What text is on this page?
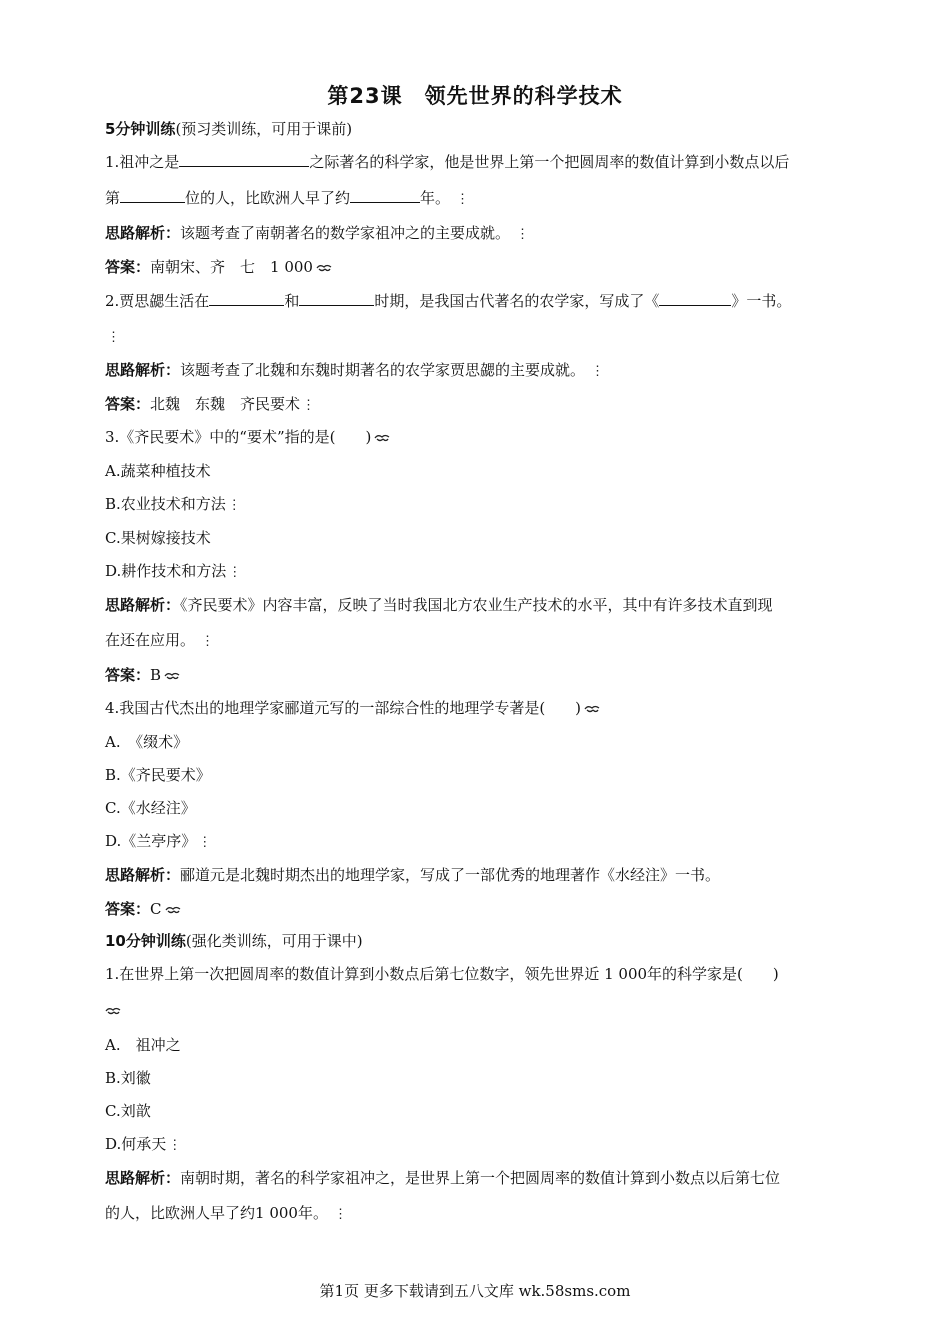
第23课　领先世界的科学技术
5分钟训练(预习类训练，可用于课前)
1.祖冲之是	之际著名的科学家，他是世界上第一个把圆周率的数值计算到小数点以后
第	位的人，比欧洲人早了约	年。 ⋮
思路解析：该题考查了南朝著名的数学家祖冲之的主要成就。 ⋮
答案：南朝宋、齐　七　1 000
2.贾思勰生活在	和	时期，是我国古代著名的农学家，写成了《	》一书。
⋮
思路解析：该题考查了北魏和东魏时期著名的农学家贾思勰的主要成就。 ⋮
答案：北魏　东魏　齐民要术 ⋮
3.《齐民要术》中的“要术”指的是(　　)
A.蔬菜种植技术
B.农业技术和方法 ⋮
C.果树嫁接技术
D.耕作技术和方法 ⋮
思路解析：《齐民要术》内容丰富，反映了当时我国北方农业生产技术的水平，其中有许多技术直到现
在还在应用。 ⋮
答案：B
4.我国古代杰出的地理学家郦道元写的一部综合性的地理学专著是(　　)
A.　《缀术》
B.《齐民要术》
C.《水经注》
D.《兰亭序》 ⋮
思路解析：郦道元是北魏时期杰出的地理学家，写成了一部优秀的地理著作《水经注》一书。
答案：C
10分钟训练(强化类训练，可用于课中)
1.在世界上第一次把圆周率的数值计算到小数点后第七位数字，领先世界近 1 000年的科学家是(　　)
A.　祖冲之
B.刘徽
C.刘歆
D.何承天 ⋮
思路解析：南朝时期，著名的科学家祖冲之，是世界上第一个把圆周率的数值计算到小数点以后第七位
的人，比欧洲人早了约1 000年。 ⋮
第1页 更多下载请到五八文库 wk.58sms.com
